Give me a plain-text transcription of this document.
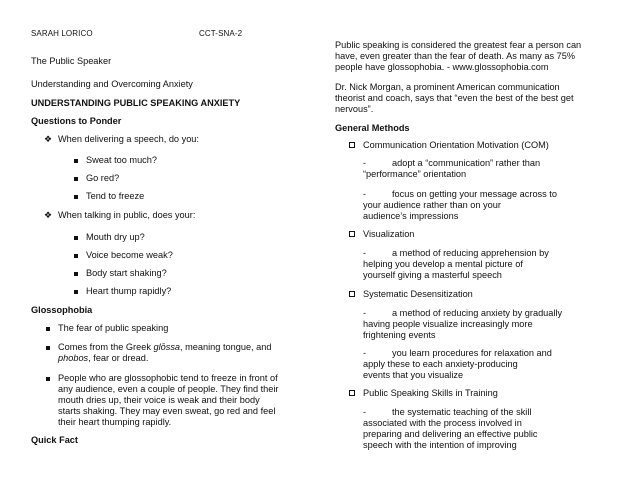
SARAH LORICO	CCT-SNA-2
The Public Speaker
Understanding and Overcoming Anxiety
UNDERSTANDING PUBLIC SPEAKING ANXIETY
Questions to Ponder
❖ When delivering a speech, do you:
Sweat too much?
Go red?
Tend to freeze
❖ When talking in public, does your:
Mouth dry up?
Voice become weak?
Body start shaking?
Heart thump rapidly?
Glossophobia
The fear of public speaking
Comes from the Greek glōssa, meaning tongue, and
phobos, fear or dread.
People who are glossophobic tend to freeze in front of
any audience, even a couple of people. They find their
mouth dries up, their voice is weak and their body
starts shaking. They may even sweat, go red and feel
their heart thumping rapidly.
Quick Fact
Public speaking is considered the greatest fear a person can
have, even greater than the fear of death. As many as 75%
people have glossophobia. - www.glossophobia.com
Dr. Nick Morgan, a prominent American communication
theorist and coach, says that “even the best of the best get
nervous”.
General Methods
Communication Orientation Motivation (COM)
-	adopt a “communication” rather than
“performance” orientation
-	focus on getting your message across to
your audience rather than on your
audience’s impressions
Visualization
-	a method of reducing apprehension by
helping you develop a mental picture of
yourself giving a masterful speech
Systematic Desensitization
-	a method of reducing anxiety by gradually
having people visualize increasingly more
frightening events
-	you learn procedures for relaxation and
apply these to each anxiety-producing
events that you visualize
Public Speaking Skills in Training
-	the systematic teaching of the skill
associated with the process involved in
preparing and delivering an effective public
speech with the intention of improving
